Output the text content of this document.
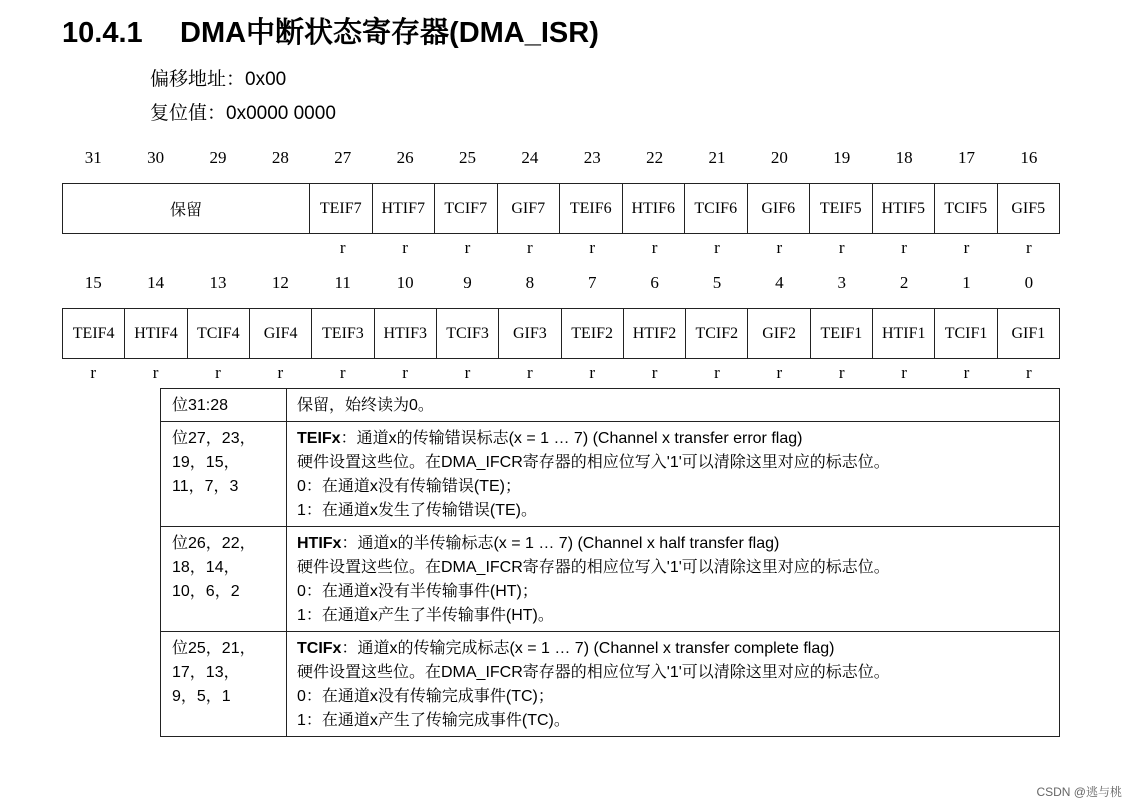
10.4.1 DMA中断状态寄存器(DMA_ISR)
偏移地址：0x00
复位值：0x0000 0000
31	30	29	28	27	26	25	24	23	22	21	20	19	18	17	16
保留	TEIF7	HTIF7	TCIF7	GIF7	TEIF6	HTIF6	TCIF6	GIF6	TEIF5	HTIF5	TCIF5	GIF5
r	r	r	r	r	r	r	r	r	r	r	r
15	14	13	12	11	10	9	8	7	6	5	4	3	2	1	0
TEIF4	HTIF4	TCIF4	GIF4	TEIF3	HTIF3	TCIF3	GIF3	TEIF2	HTIF2	TCIF2	GIF2	TEIF1	HTIF1	TCIF1	GIF1
r	r	r	r	r	r	r	r	r	r	r	r	r	r	r	r
位31:28	保留，始终读为0。

位27，23，
19，15，
11，7，3	TEIFx：通道x的传输错误标志(x = 1 … 7) (Channel x transfer error flag)
硬件设置这些位。在DMA_IFCR寄存器的相应位写入'1'可以清除这里对应的标志位。
0：在通道x没有传输错误(TE)；
1：在通道x发生了传输错误(TE)。

位26，22，
18，14，
10，6，2	HTIFx：通道x的半传输标志(x = 1 … 7) (Channel x half transfer flag)
硬件设置这些位。在DMA_IFCR寄存器的相应位写入'1'可以清除这里对应的标志位。
0：在通道x没有半传输事件(HT)；
1：在通道x产生了半传输事件(HT)。

位25，21，
17，13，
9，5，1	TCIFx：通道x的传输完成标志(x = 1 … 7) (Channel x transfer complete flag)
硬件设置这些位。在DMA_IFCR寄存器的相应位写入'1'可以清除这里对应的标志位。
0：在通道x没有传输完成事件(TC)；
1：在通道x产生了传输完成事件(TC)。
CSDN @逃与桃
